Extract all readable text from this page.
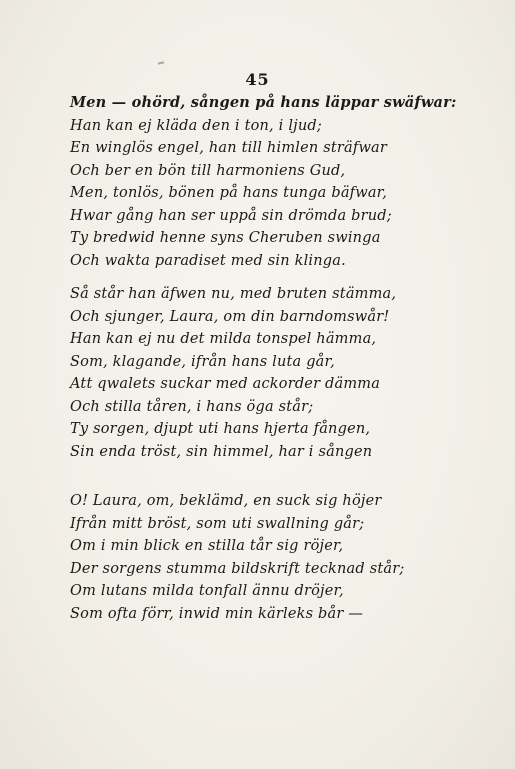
45
Men — ohörd, sången på hans läppar swäfwar:
Han kan ej kläda den i ton, i ljud;
En winglös engel, han till himlen sträfwar
Och ber en bön till harmoniens Gud,
Men, tonlös, bönen på hans tunga bäfwar,
Hwar gång han ser uppå sin drömda brud;
Ty bredwid henne syns Cheruben swinga
Och wakta paradiset med sin klinga.
Så står han äfwen nu, med bruten stämma,
Och sjunger, Laura, om din barndomswår!
Han kan ej nu det milda tonspel hämma,
Som, klagande, ifrån hans luta går,
Att qwalets suckar med ackorder dämma
Och stilla tåren, i hans öga står;
Ty sorgen, djupt uti hans hjerta fången,
Sin enda tröst, sin himmel, har i sången
O! Laura, om, beklämd, en suck sig höjer
Ifrån mitt bröst, som uti swallning går;
Om i min blick en stilla tår sig röjer,
Der sorgens stumma bildskrift tecknad står;
Om lutans milda tonfall ännu dröjer,
Som ofta förr, inwid min kärleks bår —
